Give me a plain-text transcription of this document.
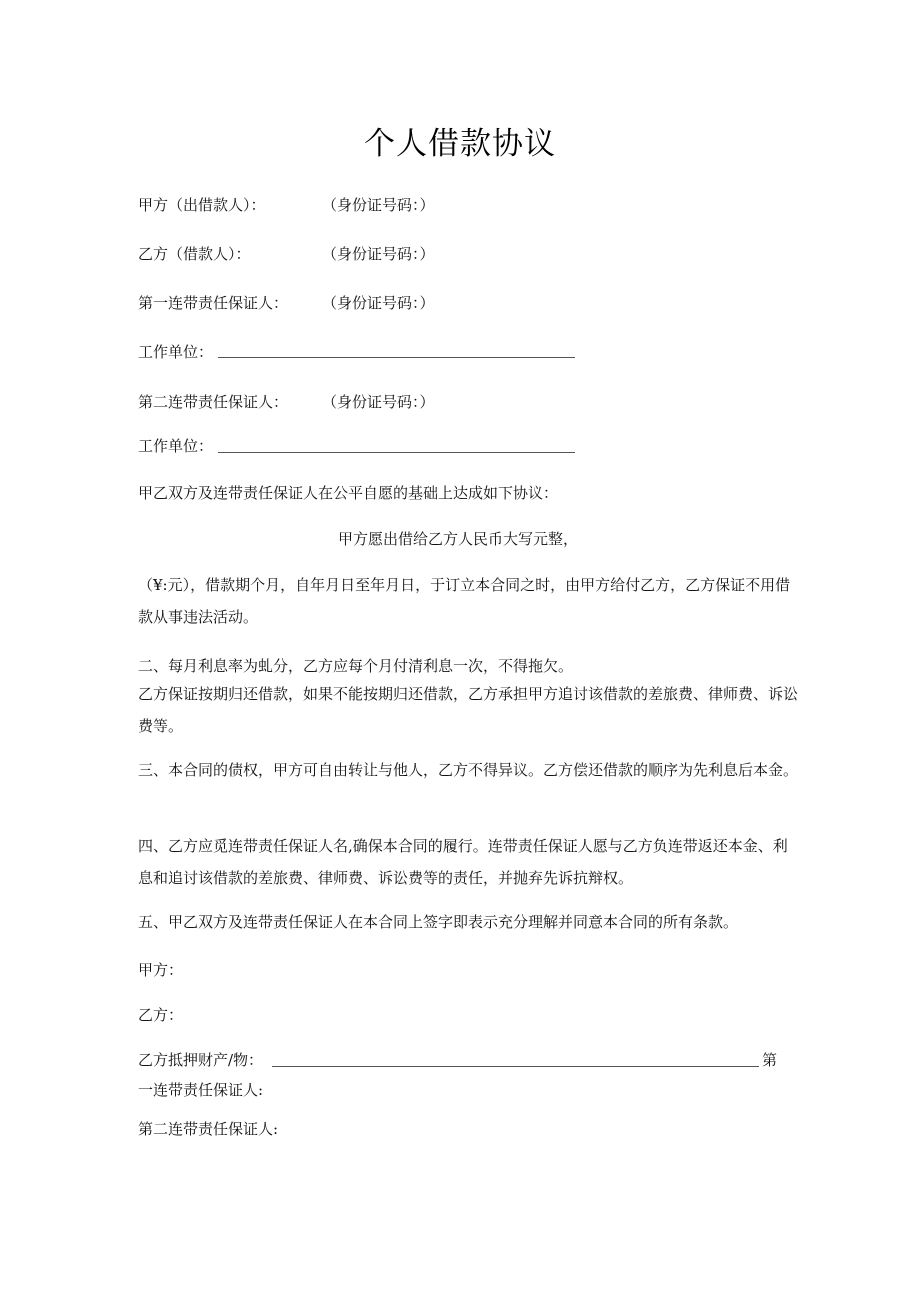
个人借款协议
甲方（出借款人）：	（身份证号码：）
乙方（借款人）：	（身份证号码：）
第一连带责任保证人： （身份证号码：）
工作单位：
第二连带责任保证人： （身份证号码：）
工作单位：
甲乙双方及连带责任保证人在公平自愿的基础上达成如下协议：
甲方愿出借给乙方人民币大写元整，
（¥:元），借款期个月，自年月日至年月日，于订立本合同之时，由甲方给付乙方，乙方保证不用借款从事违法活动。
二、每月利息率为虬分，乙方应每个月付清利息一次，不得拖欠。
乙方保证按期归还借款，如果不能按期归还借款，乙方承担甲方追讨该借款的差旅费、律师费、诉讼费等。
三、本合同的债权，甲方可自由转让与他人，乙方不得异议。乙方偿还借款的顺序为先利息后本金。
四、乙方应觅连带责任保证人名,确保本合同的履行。连带责任保证人愿与乙方负连带返还本金、利息和追讨该借款的差旅费、律师费、诉讼费等的责任，并抛弃先诉抗辩权。
五、甲乙双方及连带责任保证人在本合同上签字即表示充分理解并同意本合同的所有条款。
甲方：
乙方：
乙方抵押财产/物：	第
一连带责任保证人:
第二连带责任保证人:
